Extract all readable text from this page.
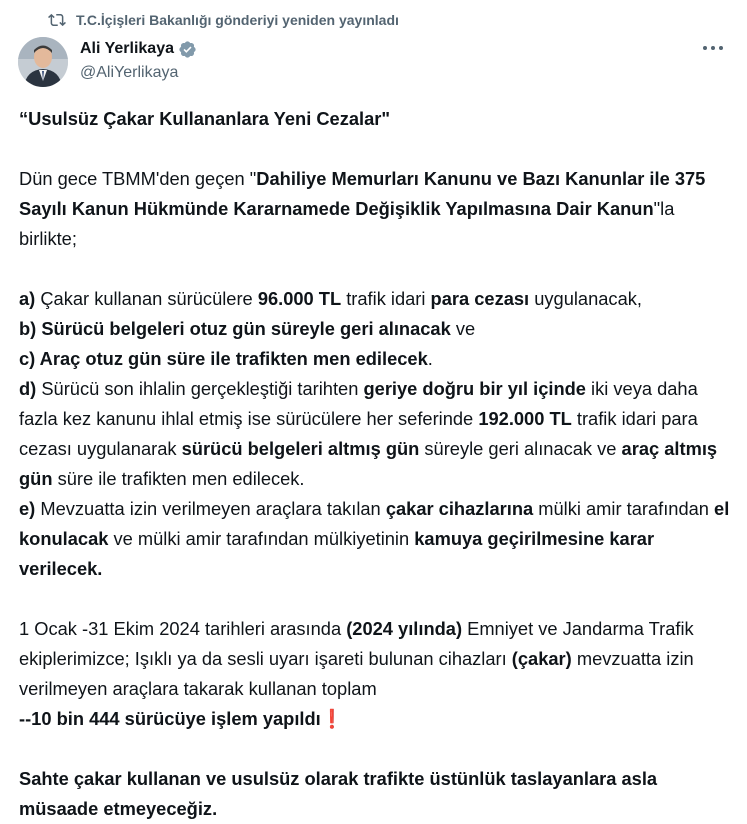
T.C.İçişleri Bakanlığı gönderiyi yeniden yayınladı
Ali Yerlikaya
@AliYerlikaya

“Usulsüz Çakar Kullananlara Yeni Cezalar"

Dün gece TBMM'den geçen "Dahiliye Memurları Kanunu ve Bazı Kanunlar ile 375 Sayılı Kanun Hükmünde Kararnamede Değişiklik Yapılmasına Dair Kanun"la birlikte;

a) Çakar kullanan sürücülere 96.000 TL trafik idari para cezası uygulanacak,

b) Sürücü belgeleri otuz gün süreyle geri alınacak ve

c) Araç otuz gün süre ile trafikten men edilecek.

d) Sürücü son ihlalin gerçekleştiği tarihten geriye doğru bir yıl içinde iki veya daha fazla kez kanunu ihlal etmiş ise sürücülere her seferinde 192.000 TL trafik idari para cezası uygulanarak sürücü belgeleri altmış gün süreyle geri alınacak ve araç altmış gün süre ile trafikten men edilecek.

e) Mevzuatta izin verilmeyen araçlara takılan çakar cihazlarına mülki amir tarafından el konulacak ve mülki amir tarafından mülkiyetinin kamuya geçirilmesine karar verilecek.

1 Ocak -31 Ekim 2024 tarihleri arasında (2024 yılında) Emniyet ve Jandarma Trafik ekiplerimizce; Işıklı ya da sesli uyarı işareti bulunan cihazları (çakar) mevzuatta izin verilmeyen araçlara takarak kullanan toplam

--10 bin 444 sürücüye işlem yapıldı❗

Sahte çakar kullanan ve usulsüz olarak trafikte üstünlük taslayanlara asla müsaade etmeyeceğiz.
